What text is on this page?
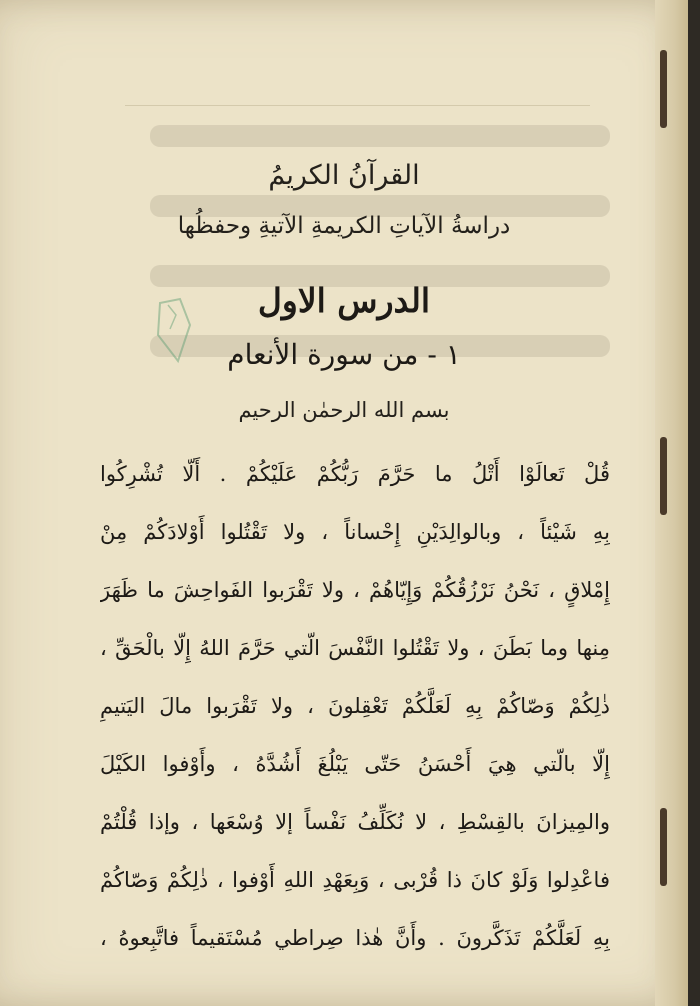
القرآنُ الكريمُ
دراسةُ الآياتِ الكريمةِ الآتيةِ وحفظُها
الدرس الاول
١ - من سورة الأنعام
بسم الله الرحمٰن الرحيم
قُلْ تَعالَوْا أَتْلُ ما حَرَّمَ رَبُّكُمْ عَلَيْكُمْ . أَلّا تُشْرِكُوا
بِهِ شَيْئاً ، وبالوالِدَيْنِ إِحْساناً ، ولا تَقْتُلوا أَوْلادَكُمْ مِنْ
إِمْلاقٍ ، نَحْنُ نَرْزُقُكُمْ وَإِيّاهُمْ ، ولا تَقْرَبوا الفَواحِشَ ما ظَهَرَ
مِنها وما بَطَنَ ، ولا تَقْتُلوا النَّفْسَ الّتي حَرَّمَ اللهُ إِلّا بالْحَقِّ ،
ذٰلِكُمْ وَصّاكُمْ بِهِ لَعَلَّكُمْ تَعْقِلونَ ، ولا تَقْرَبوا مالَ اليَتيمِ
إِلّا بالّتي هِيَ أَحْسَنُ حَتّى يَبْلُغَ أَشُدَّهُ ، وأَوْفوا الكَيْلَ
والمِيزانَ بالقِسْطِ ، لا نُكَلِّفُ نَفْساً إلا وُسْعَها ، وإذا قُلْتُمْ
فاعْدِلوا وَلَوْ كانَ ذا قُرْبى ، وَبِعَهْدِ اللهِ أَوْفوا ، ذٰلِكُمْ وَصّاكُمْ
بِهِ لَعَلَّكُمْ تَذَكَّرونَ . وأَنَّ هٰذا صِراطي مُسْتَقيماً فاتَّبِعوهُ ،
